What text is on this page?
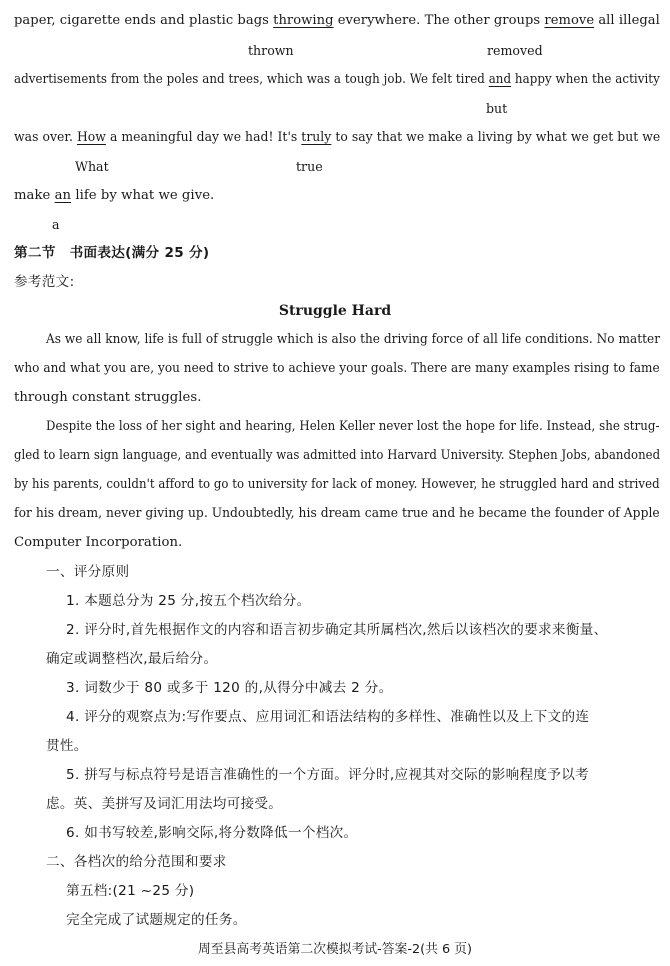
paper, cigarette ends and plastic bags throwing everywhere. The other groups remove all illegal
thrown	removed
advertisements from the poles and trees, which was a tough job. We felt tired and happy when the activity
but
was over. How a meaningful day we had! It's truly to say that we make a living by what we get but we
What	true
make an life by what we give.
a
第二节　书面表达(满分 25 分)
参考范文:
Struggle Hard
As we all know, life is full of struggle which is also the driving force of all life conditions. No matter
who and what you are, you need to strive to achieve your goals. There are many examples rising to fame
through constant struggles.
Despite the loss of her sight and hearing, Helen Keller never lost the hope for life. Instead, she strug-
gled to learn sign language, and eventually was admitted into Harvard University. Stephen Jobs, abandoned
by his parents, couldn't afford to go to university for lack of money. However, he struggled hard and strived
for his dream, never giving up. Undoubtedly, his dream came true and he became the founder of Apple
Computer Incorporation.
一、评分原则
1. 本题总分为 25 分,按五个档次给分。
2. 评分时,首先根据作文的内容和语言初步确定其所属档次,然后以该档次的要求来衡量、
确定或调整档次,最后给分。
3. 词数少于 80 或多于 120 的,从得分中减去 2 分。
4. 评分的观察点为:写作要点、应用词汇和语法结构的多样性、准确性以及上下文的连
贯性。
5. 拼写与标点符号是语言准确性的一个方面。评分时,应视其对交际的影响程度予以考
虑。英、美拼写及词汇用法均可接受。
6. 如书写较差,影响交际,将分数降低一个档次。
二、各档次的给分范围和要求
第五档:(21 ~25 分)
完全完成了试题规定的任务。
周至县高考英语第二次模拟考试-答案-2(共 6 页)
